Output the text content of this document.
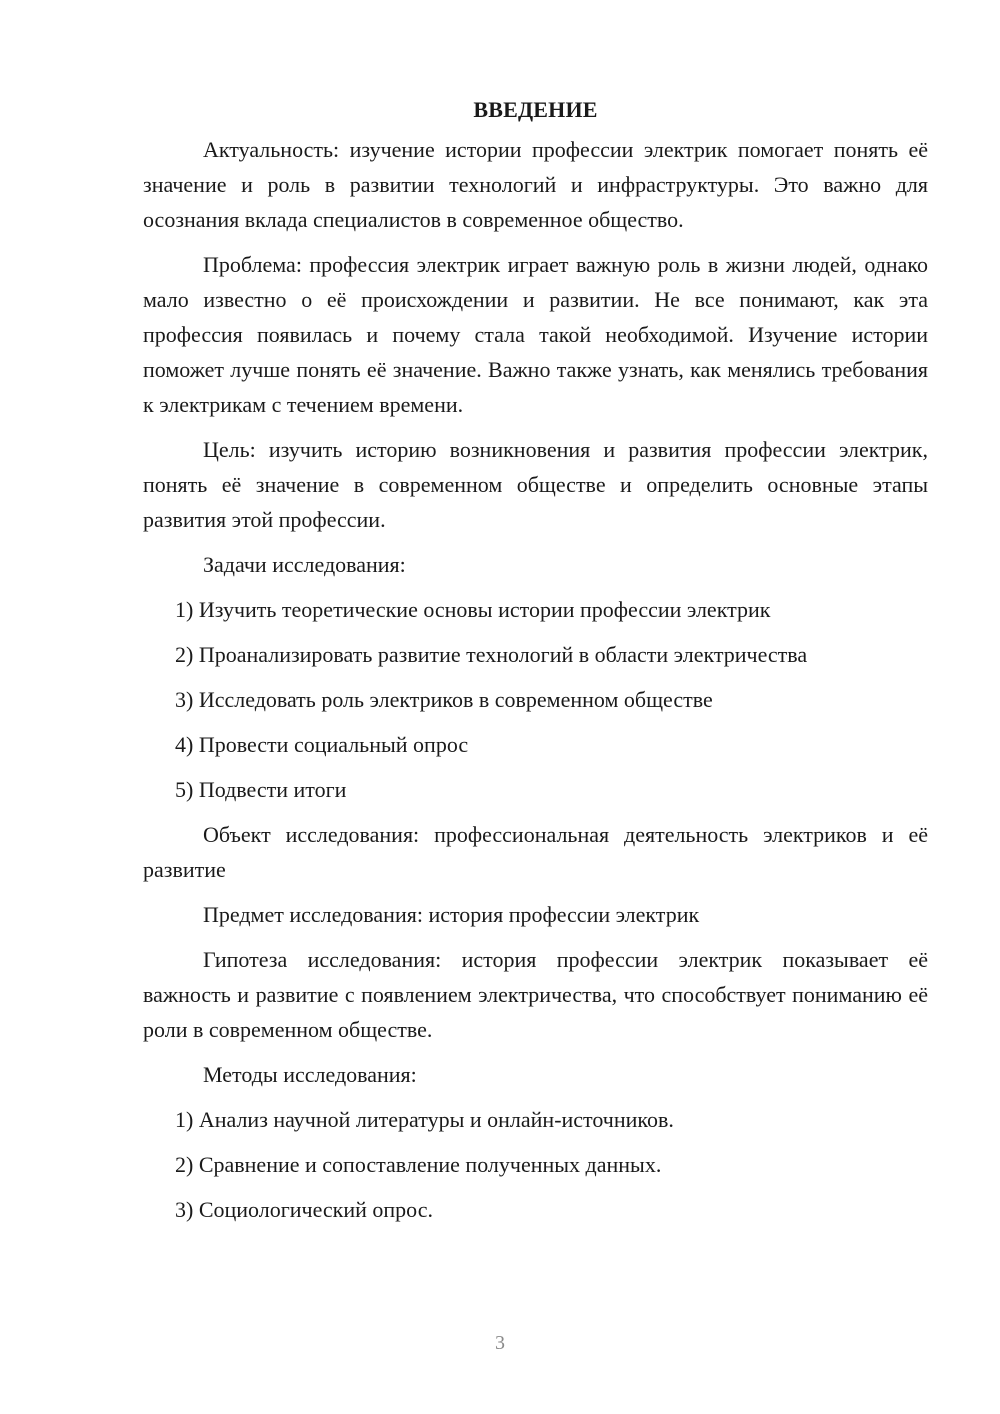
ВВЕДЕНИЕ

Актуальность: изучение истории профессии электрик помогает понять её значение и роль в развитии технологий и инфраструктуры. Это важно для осознания вклада специалистов в современное общество.

Проблема: профессия электрик играет важную роль в жизни людей, однако мало известно о её происхождении и развитии. Не все понимают, как эта профессия появилась и почему стала такой необходимой. Изучение истории поможет лучше понять её значение. Важно также узнать, как менялись требования к электрикам с течением времени.

Цель: изучить историю возникновения и развития профессии электрик, понять её значение в современном обществе и определить основные этапы развития этой профессии.

Задачи исследования:

1) Изучить теоретические основы истории профессии электрик
2) Проанализировать развитие технологий в области электричества
3) Исследовать роль электриков в современном обществе
4) Провести социальный опрос
5) Подвести итоги

Объект исследования: профессиональная деятельность электриков и её развитие

Предмет исследования: история профессии электрик

Гипотеза исследования: история профессии электрик показывает её важность и развитие с появлением электричества, что способствует пониманию её роли в современном обществе.

Методы исследования:

1) Анализ научной литературы и онлайн-источников.
2) Сравнение и сопоставление полученных данных.
3) Социологический опрос.
3
